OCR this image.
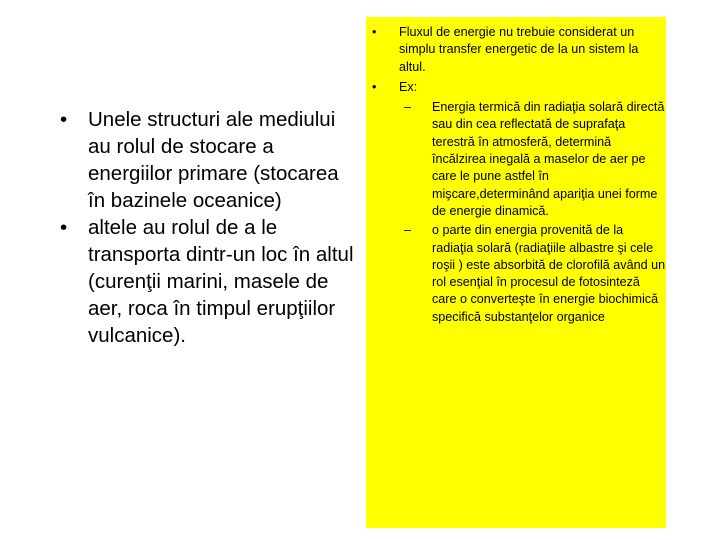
• Unele structuri ale mediului au rolul de stocare a energiilor primare (stocarea în bazinele oceanice)
• altele au rolul de a le transporta dintr-un loc în altul (curenţii marini, masele de aer, roca în timpul erupţiilor vulcanice).
• Fluxul de energie nu trebuie considerat un simplu transfer energetic de la un sistem la altul.
• Ex:
– Energia termică din radiaţia solară directă sau din cea reflectată de suprafaţa terestră în atmosferă, determină încălzirea inegală a maselor de aer pe care le pune astfel în mişcare,determinând apariţia unei forme de energie dinamică.
– o parte din energia provenită de la radiaţia solară (radiaţiile albastre şi cele roşii ) este absorbită de clorofilă având un rol esenţial în procesul de fotosinteză care o converteşte în energie biochimică specifică substanţelor organice
